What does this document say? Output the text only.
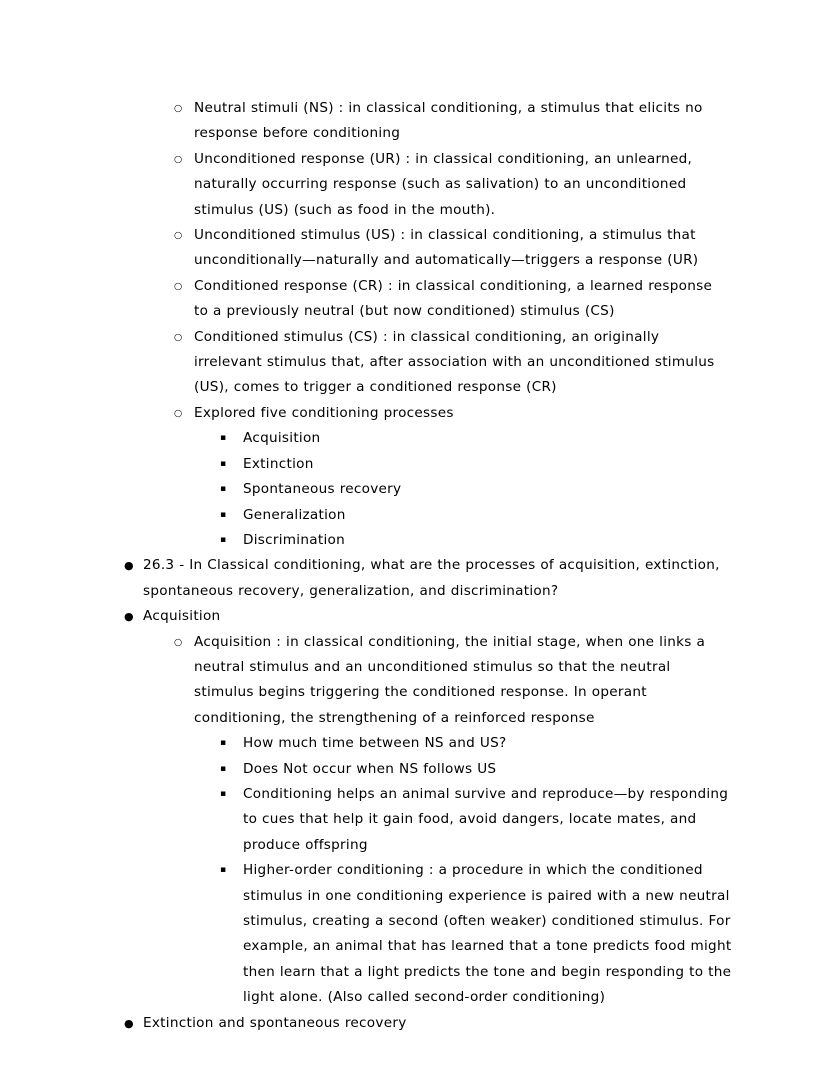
○ Neutral stimuli (NS) : in classical conditioning, a stimulus that elicits no response before conditioning
○ Unconditioned response (UR) : in classical conditioning, an unlearned, naturally occurring response (such as salivation) to an unconditioned stimulus (US) (such as food in the mouth).
○ Unconditioned stimulus (US) : in classical conditioning, a stimulus that unconditionally—naturally and automatically—triggers a response (UR)
○ Conditioned response (CR) : in classical conditioning, a learned response to a previously neutral (but now conditioned) stimulus (CS)
○ Conditioned stimulus (CS) : in classical conditioning, an originally irrelevant stimulus that, after association with an unconditioned stimulus (US), comes to trigger a conditioned response (CR)
○ Explored five conditioning processes
▪	Acquisition
▪	Extinction
▪	Spontaneous recovery
▪	Generalization
▪	Discrimination
● 26.3 - In Classical conditioning, what are the processes of acquisition, extinction, spontaneous recovery, generalization, and discrimination?
● Acquisition
○ Acquisition : in classical conditioning, the initial stage, when one links a neutral stimulus and an unconditioned stimulus so that the neutral stimulus begins triggering the conditioned response. In operant conditioning, the strengthening of a reinforced response
▪	How much time between NS and US?
▪	Does Not occur when NS follows US
▪	Conditioning helps an animal survive and reproduce—by responding to cues that help it gain food, avoid dangers, locate mates, and produce offspring
▪	Higher-order conditioning : a procedure in which the conditioned stimulus in one conditioning experience is paired with a new neutral stimulus, creating a second (often weaker) conditioned stimulus. For example, an animal that has learned that a tone predicts food might then learn that a light predicts the tone and begin responding to the light alone. (Also called second-order conditioning)
● Extinction and spontaneous recovery
